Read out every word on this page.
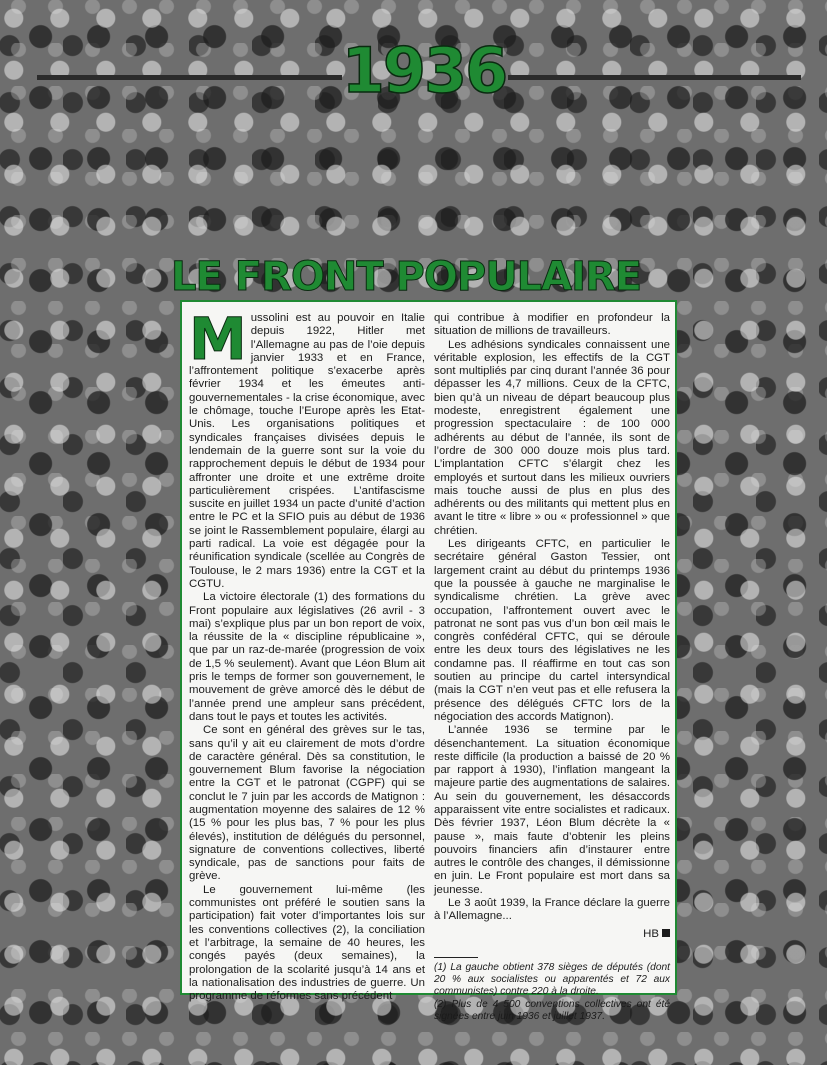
1936
LE FRONT POPULAIRE

Mussolini est au pouvoir en Italie depuis 1922, Hitler met l’Allemagne au pas de l’oie depuis janvier 1933 et en France, l’affrontement politique s’exacerbe après février 1934 et les émeutes anti-gouvernementales - la crise économique, avec le chômage, touche l’Europe après les Etat-Unis. Les organisations politiques et syndicales françaises divisées depuis le lendemain de la guerre sont sur la voie du rapprochement depuis le début de 1934 pour affronter une droite et une extrême droite particulièrement crispées. L’antifascisme suscite en juillet 1934 un pacte d’unité d’action entre le PC et la SFIO puis au début de 1936 se joint le Rassemblement populaire, élargi au parti radical. La voie est dégagée pour la réunification syndicale (scellée au Congrès de Toulouse, le 2 mars 1936) entre la CGT et la CGTU.

La victoire électorale (1) des formations du Front populaire aux législatives (26 avril - 3 mai) s’explique plus par un bon report de voix, la réussite de la « discipline républicaine », que par un raz-de-marée (progression de voix de 1,5 % seulement). Avant que Léon Blum ait pris le temps de former son gouvernement, le mouvement de grève amorcé dès le début de l’année prend une ampleur sans précédent, dans tout le pays et toutes les activités.

Ce sont en général des grèves sur le tas, sans qu’il y ait eu clairement de mots d’ordre de caractère général. Dès sa constitution, le gouvernement Blum favorise la négociation entre la CGT et le patronat (CGPF) qui se conclut le 7 juin par les accords de Matignon : augmentation moyenne des salaires de 12 % (15 % pour les plus bas, 7 % pour les plus élevés), institution de délégués du personnel, signature de conventions collectives, liberté syndicale, pas de sanctions pour faits de grève.

Le gouvernement lui-même (les communistes ont préféré le soutien sans la participation) fait voter d’importantes lois sur les conventions collectives (2), la conciliation et l’arbitrage, la semaine de 40 heures, les congés payés (deux semaines), la prolongation de la scolarité jusqu’à 14 ans et la nationalisation des industries de guerre. Un programme de réformes sans précédent

qui contribue à modifier en profondeur la situation de millions de travailleurs.

Les adhésions syndicales connaissent une véritable explosion, les effectifs de la CGT sont multipliés par cinq durant l’année 36 pour dépasser les 4,7 millions. Ceux de la CFTC, bien qu’à un niveau de départ beaucoup plus modeste, enregistrent également une progression spectaculaire : de 100 000 adhérents au début de l’année, ils sont de l’ordre de 300 000 douze mois plus tard. L’implantation CFTC s’élargit chez les employés et surtout dans les milieux ouvriers mais touche aussi de plus en plus des adhérents ou des militants qui mettent plus en avant le titre « libre » ou « professionnel » que chrétien.

Les dirigeants CFTC, en particulier le secrétaire général Gaston Tessier, ont largement craint au début du printemps 1936 que la poussée à gauche ne marginalise le syndicalisme chrétien. La grève avec occupation, l’affrontement ouvert avec le patronat ne sont pas vus d’un bon œil mais le congrès confédéral CFTC, qui se déroule entre les deux tours des législatives ne les condamne pas. Il réaffirme en tout cas son soutien au principe du cartel intersyndical (mais la CGT n’en veut pas et elle refusera la présence des délégués CFTC lors de la négociation des accords Matignon).

L’année 1936 se termine par le désenchantement. La situation économique reste difficile (la production a baissé de 20 % par rapport à 1930), l’inflation mangeant la majeure partie des augmentations de salaires. Au sein du gouvernement, les désaccords apparaissent vite entre socialistes et radicaux. Dès février 1937, Léon Blum décrète la « pause », mais faute d’obtenir les pleins pouvoirs financiers afin d’instaurer entre autres le contrôle des changes, il démissionne en juin. Le Front populaire est mort dans sa jeunesse.

Le 3 août 1939, la France déclare la guerre à l’Allemagne...

HB

(1) La gauche obtient 378 sièges de députés (dont 20 % aux socialistes ou apparentés et 72 aux communistes) contre 220 à la droite.

(2) Plus de 4 500 conventions collectives ont été signées entre juin 1936 et juillet 1937.
